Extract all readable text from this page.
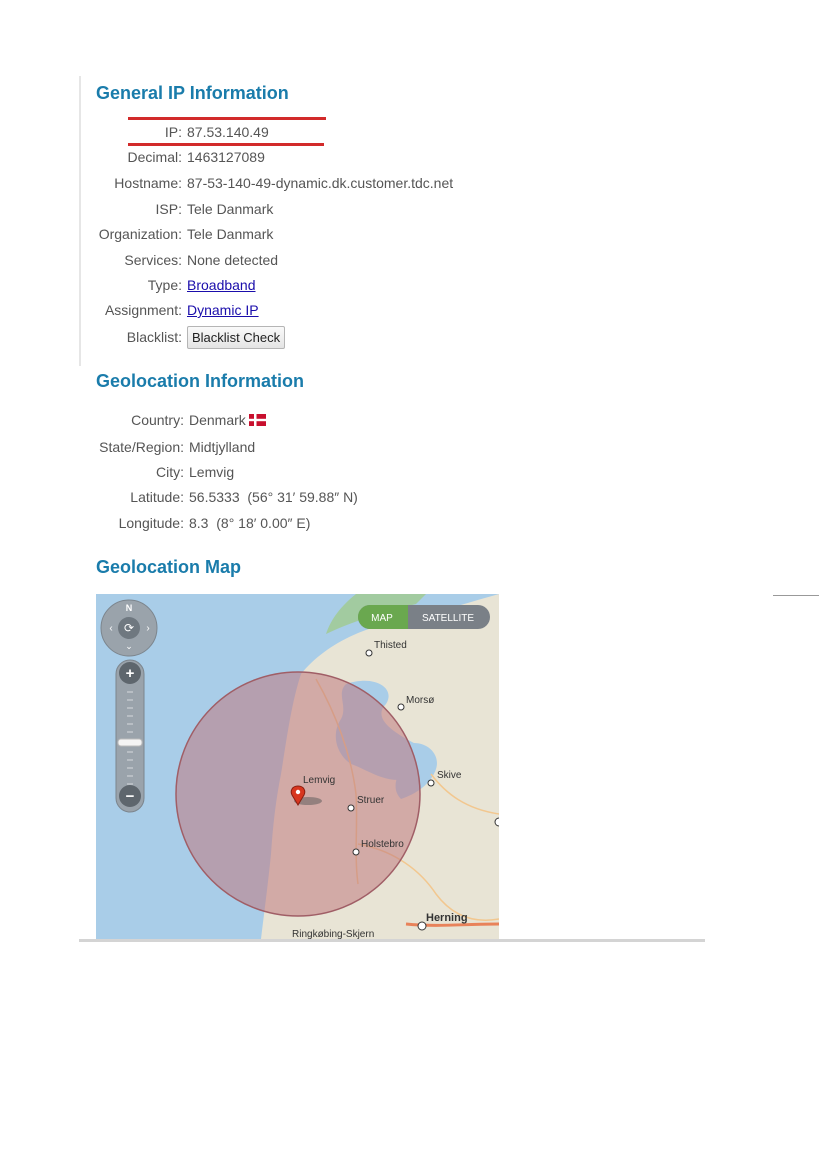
General IP Information
IP: 87.53.140.49
Decimal: 1463127089
Hostname: 87-53-140-49-dynamic.dk.customer.tdc.net
ISP: Tele Danmark
Organization: Tele Danmark
Services: None detected
Type: Broadband
Assignment: Dynamic IP
Blacklist: Blacklist Check
Geolocation Information
Country: Denmark
State/Region: Midtjylland
City: Lemvig
Latitude: 56.5333  (56° 31′ 59.88″ N)
Longitude: 8.3  (8° 18′ 0.00″ E)
Geolocation Map
Thisted
Morsø
Skive
Lemvig
Struer
Holstebro
Herning
Ringkøbing-Skjern
⟳
N
‹	›
⌄
+
−
MAP	SATELLITE
